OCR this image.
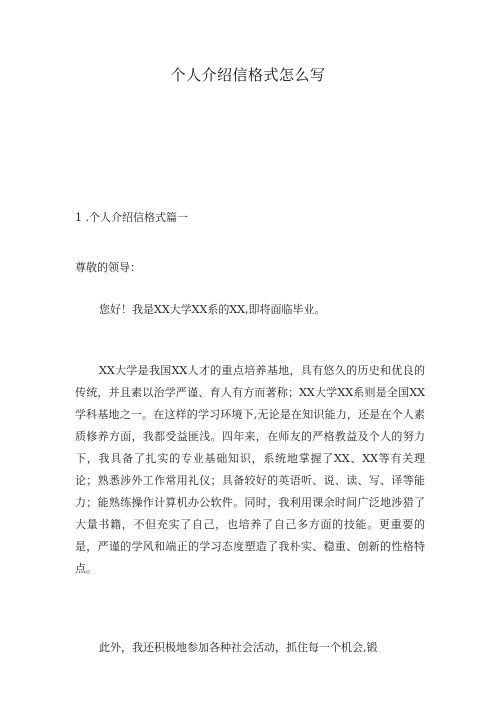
个人介绍信格式怎么写
1 .个人介绍信格式篇一
尊敬的领导：

您好！我是XX大学XX系的XX,即将面临毕业。

XX大学是我国XX人才的重点培养基地，具有悠久的历史和优良的传统，并且素以治学严谨、育人有方而著称；XX大学XX系则是全国XX学科基地之一。在这样的学习环境下,无论是在知识能力，还是在个人素质修养方面，我都受益匪浅。四年来，在师友的严格教益及个人的努力下，我具备了扎实的专业基础知识，系统地掌握了XX、XX等有关理论；熟悉涉外工作常用礼仪；具备较好的英语听、说、读、写、译等能力；能熟练操作计算机办公软件。同时，我利用课余时间广泛地涉猎了大量书籍，不但充实了自己，也培养了自己多方面的技能。更重要的是，严谨的学风和端正的学习态度塑造了我朴实、稳重、创新的性格特点。

此外，我还积极地参加各种社会活动，抓住每一个机会,锻
